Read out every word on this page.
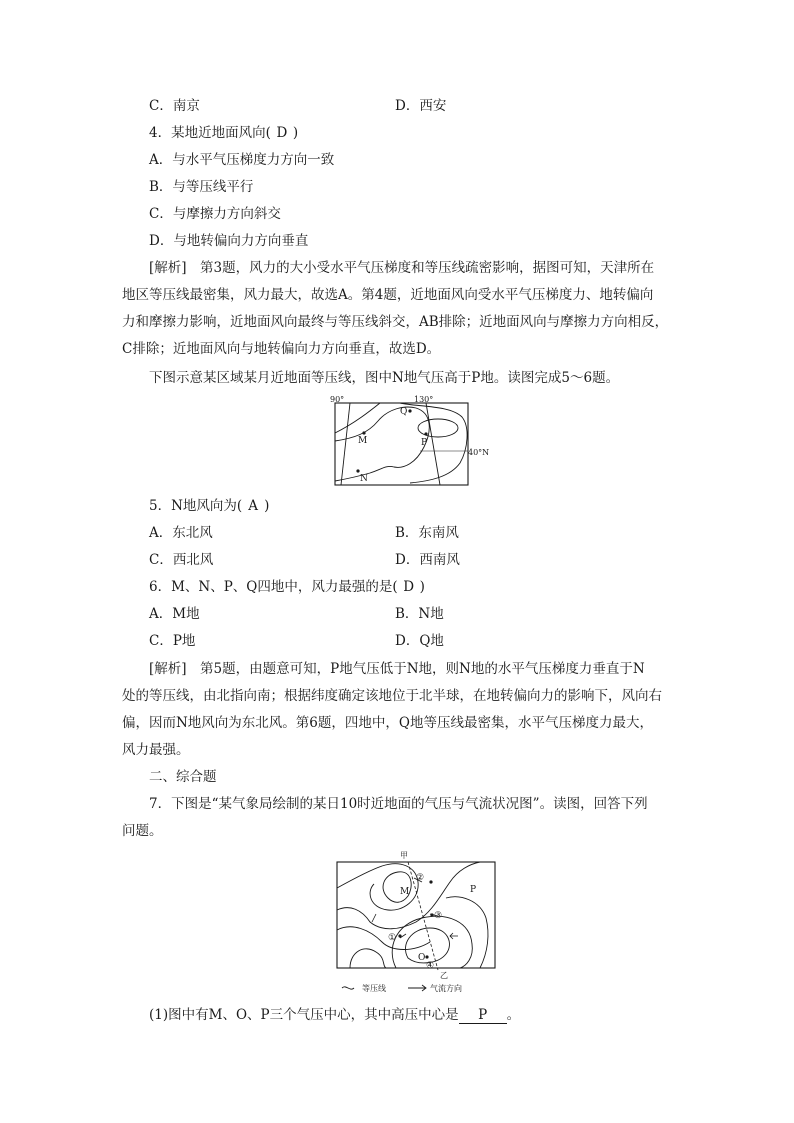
C．南京	D．西安
4．某地近地面风向( D )
A．与水平气压梯度力方向一致
B．与等压线平行
C．与摩擦力方向斜交
D．与地转偏向力方向垂直
[解析]　第3题，风力的大小受水平气压梯度和等压线疏密影响，据图可知，天津所在
地区等压线最密集，风力最大，故选A。第4题，近地面风向受水平气压梯度力、地转偏向
力和摩擦力影响，近地面风向最终与等压线斜交，AB排除；近地面风向与摩擦力方向相反，
C排除；近地面风向与地转偏向力方向垂直，故选D。
下图示意某区域某月近地面等压线，图中N地气压高于P地。读图完成5～6题。
90°	130°
40°N
M
N
P
Q
5．N地风向为( A )
A．东北风	B．东南风
C．西北风	D．西南风
6．M、N、P、Q四地中，风力最强的是( D )
A．M地	B．N地
C．P地	D．Q地
[解析]　第5题，由题意可知，P地气压低于N地，则N地的水平气压梯度力垂直于N
处的等压线，由北指向南；根据纬度确定该地位于北半球，在地转偏向力的影响下，风向右
偏，因而N地风向为东北风。第6题，四地中，Q地等压线最密集，水平气压梯度力最大，
风力最强。
二、综合题
7．下图是“某气象局绘制的某日10时近地面的气压与气流状况图”。读图，回答下列
问题。
甲
乙
M
O
P
②
③
①
④
等压线	气流方向
(1)图中有M、O、P三个气压中心，其中高压中心是 P 。
